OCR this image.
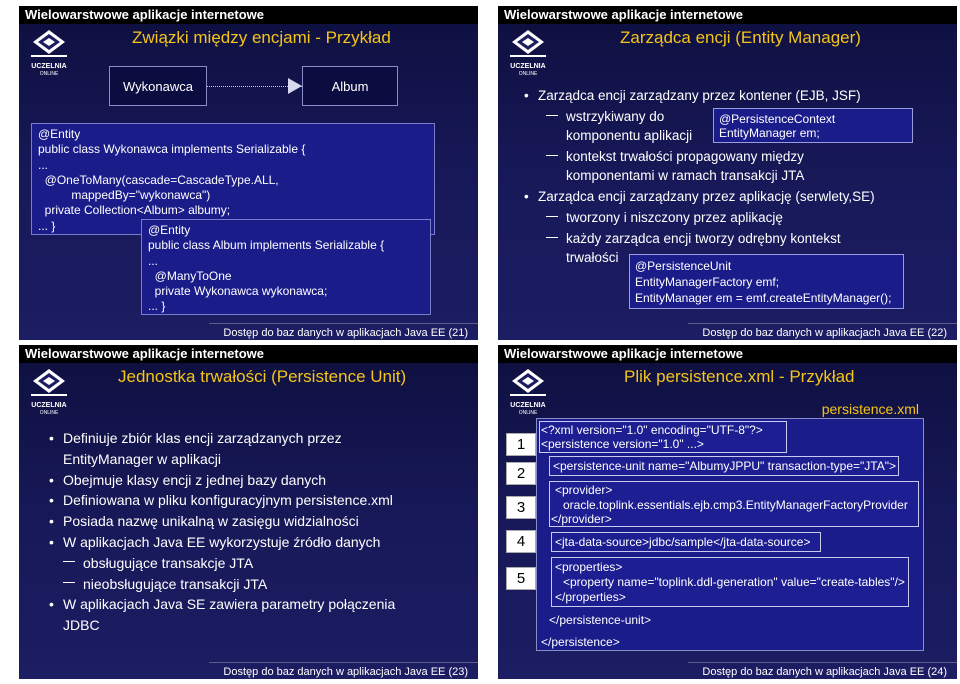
Wielowarstwowe aplikacje internetowe
UCZELNIA
ONLINE
Związki między encjami - Przykład
Wykonawca	Album
@Entity
public class Wykonawca implements Serializable {
...
@OneToMany(cascade=CascadeType.ALL,
mappedBy="wykonawca")
private Collection<Album> albumy;
... }	@Entity
public class Album implements Serializable {
...
@ManyToOne
private Wykonawca wykonawca;
... }
Dostęp do baz danych w aplikacjach Java EE (21)
Wielowarstwowe aplikacje internetowe
UCZELNIA
ONLINE
Zarządca encji (Entity Manager)
• Zarządca encji zarządzany przez kontener (EJB, JSF)
wstrzykiwany do
komponentu aplikacji
kontekst trwałości propagowany między
komponentami w ramach transakcji JTA
• Zarządca encji zarządzany przez aplikację (serwlety,SE)
tworzony i niszczony przez aplikację
każdy zarządca encji tworzy odrębny kontekst
trwałości
@PersistenceContext
EntityManager em;
@PersistenceUnit
EntityManagerFactory emf;
EntityManager em = emf.createEntityManager();
Dostęp do baz danych w aplikacjach Java EE (22)
Wielowarstwowe aplikacje internetowe
UCZELNIA
ONLINE
Jednostka trwałości (Persistence Unit)
• Definiuje zbiór klas encji zarządzanych przez
EntityManager w aplikacji
• Obejmuje klasy encji z jednej bazy danych
• Definiowana w pliku konfiguracyjnym persistence.xml
• Posiada nazwę unikalną w zasięgu widzialności
• W aplikacjach Java EE wykorzystuje źródło danych
obsługujące transakcje JTA
nieobsługujące transakcji JTA
• W aplikacjach Java SE zawiera parametry połączenia
JDBC
Dostęp do baz danych w aplikacjach Java EE (23)
Wielowarstwowe aplikacje internetowe
UCZELNIA
ONLINE
Plik persistence.xml - Przykład
persistence.xml
1
2
3
4
5
<?xml version="1.0" encoding="UTF-8"?>
<persistence version="1.0" ...>
<persistence-unit name="AlbumyJPPU" transaction-type="JTA">
<provider>
oracle.toplink.essentials.ejb.cmp3.EntityManagerFactoryProvider
</provider>
<jta-data-source>jdbc/sample</jta-data-source>
<properties>
<property name="toplink.ddl-generation" value="create-tables"/>
</properties>
</persistence-unit>
</persistence>
Dostęp do baz danych w aplikacjach Java EE (24)
